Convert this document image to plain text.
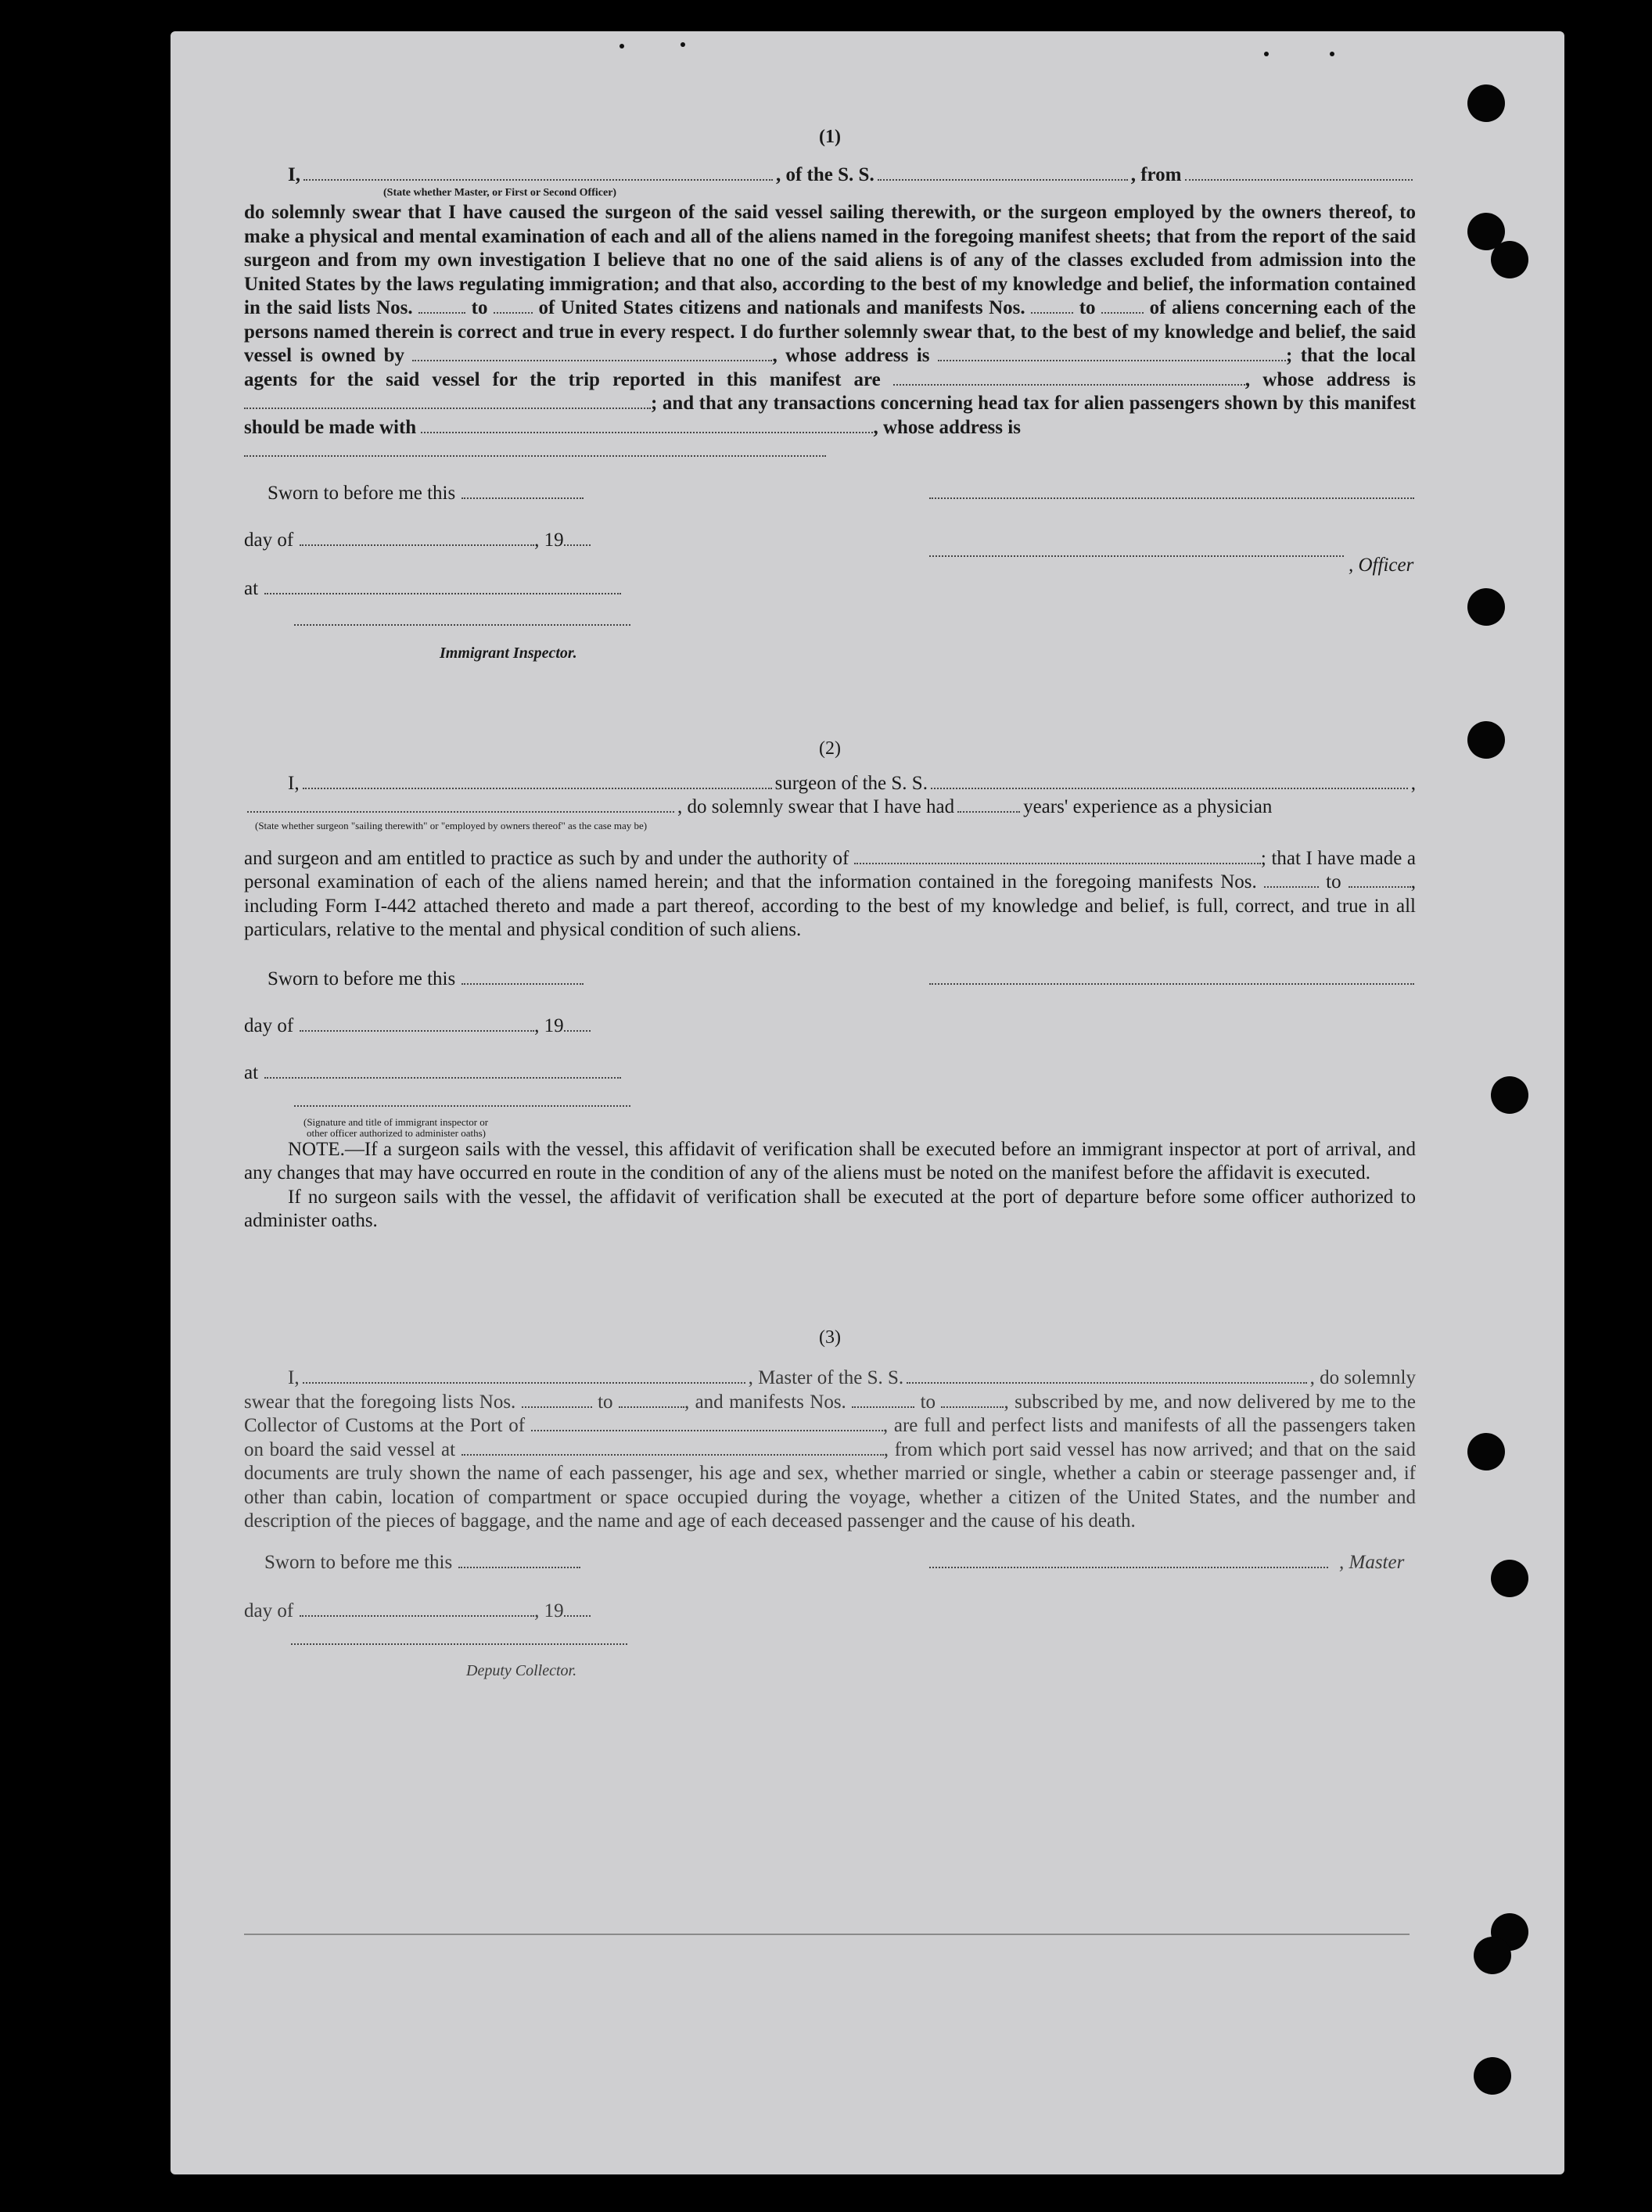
(1)
I,	, of the S. S.	, from
(State whether Master, or First or Second Officer)

do solemnly swear that I have caused the surgeon of the said vessel sailing therewith, or the surgeon employed by the owners thereof, to make a physical and mental examination of each and all of the aliens named in the foregoing manifest sheets; that from the report of the said surgeon and from my own investigation I believe that no one of the said aliens is of any of the classes excluded from admission into the United States by the laws regulating immigration; and that also, according to the best of my knowledge and belief, the information contained in the said lists Nos.	to	of United States citizens and nationals and manifests Nos.	to	of aliens concerning each of the persons named therein is correct and true in every respect. I do further solemnly swear that, to the best of my knowledge and belief, the said vessel is owned by	, whose address is	; that the local agents for the said vessel for the trip reported in this manifest are	, whose address is ; and that any transactions concerning head tax for alien passengers shown by this manifest should be made with	, whose address is

Sworn to before me this
day of	, 19
, Officer
at
Immigrant Inspector.
(2)
I,	surgeon of the S. S.	,
, do solemnly swear that I have had	years' experience as a physician
(State whether surgeon "sailing therewith" or "employed by owners thereof" as the case may be)

and surgeon and am entitled to practice as such by and under the authority of	; that I have made a personal examination of each of the aliens named herein; and that the information contained in the foregoing manifests Nos.	to	, including Form I-442 attached thereto and made a part thereof, according to the best of my knowledge and belief, is full, correct, and true in all particulars, relative to the mental and physical condition of such aliens.

Sworn to before me this
day of	, 19
at
(Signature and title of immigrant inspector or
other officer authorized to administer oaths)

NOTE.—If a surgeon sails with the vessel, this affidavit of verification shall be executed before an immigrant inspector at port of arrival, and any changes that may have occurred en route in the condition of any of the aliens must be noted on the manifest before the affidavit is executed.

If no surgeon sails with the vessel, the affidavit of verification shall be executed at the port of departure before some officer authorized to administer oaths.

(3)
I,	, Master of the S. S.	, do solemnly

swear that the foregoing lists Nos.	to	, and manifests Nos.	to	, subscribed by me, and now delivered by me to the Collector of Customs at the Port of	, are full and perfect lists and manifests of all the passengers taken on board the said vessel at	, from which port said vessel has now arrived; and that on the said documents are truly shown the name of each passenger, his age and sex, whether married or single, whether a cabin or steerage passenger and, if other than cabin, location of compartment or space occupied during the voyage, whether a citizen of the United States, and the number and description of the pieces of baggage, and the name and age of each deceased passenger and the cause of his death.

Sworn to before me this	, Master
day of	, 19
Deputy Collector.
